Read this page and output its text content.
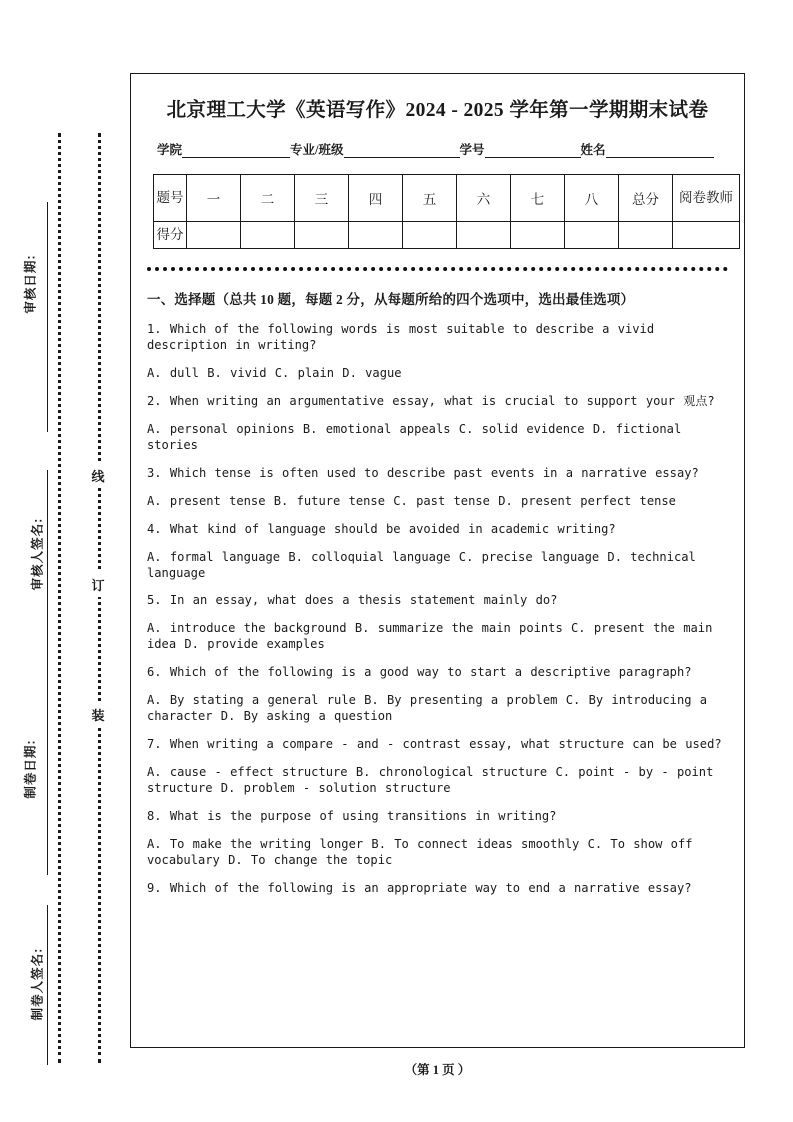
审核日期:
审核人签名:
制卷日期:
制卷人签名:
线
订
装
北京理工大学《英语写作》2024 - 2025 学年第一学期期末试卷
学院	专业/班级	学号	姓名
题号	一	二	三	四	五	六	七	八	总分	阅卷教师
得分										
一、选择题（总共 10 题，每题 2 分，从每题所给的四个选项中，选出最佳选项）
1. Which of the following words is most suitable to describe a vivid description in writing?
A. dull B. vivid C. plain D. vague
2. When writing an argumentative essay, what is crucial to support your 观点?
A. personal opinions B. emotional appeals C. solid evidence D. fictional stories
3. Which tense is often used to describe past events in a narrative essay?
A. present tense B. future tense C. past tense D. present perfect tense
4. What kind of language should be avoided in academic writing?
A. formal language B. colloquial language C. precise language D. technical language
5. In an essay, what does a thesis statement mainly do?
A. introduce the background B. summarize the main points C. present the main idea D. provide examples
6. Which of the following is a good way to start a descriptive paragraph?
A. By stating a general rule B. By presenting a problem C. By introducing a character D. By asking a question
7. When writing a compare - and - contrast essay, what structure can be used?
A. cause - effect structure B. chronological structure C. point - by - point structure D. problem - solution structure
8. What is the purpose of using transitions in writing?
A. To make the writing longer B. To connect ideas smoothly C. To show off vocabulary D. To change the topic
9. Which of the following is an appropriate way to end a narrative essay?
（第 1 页 ）
